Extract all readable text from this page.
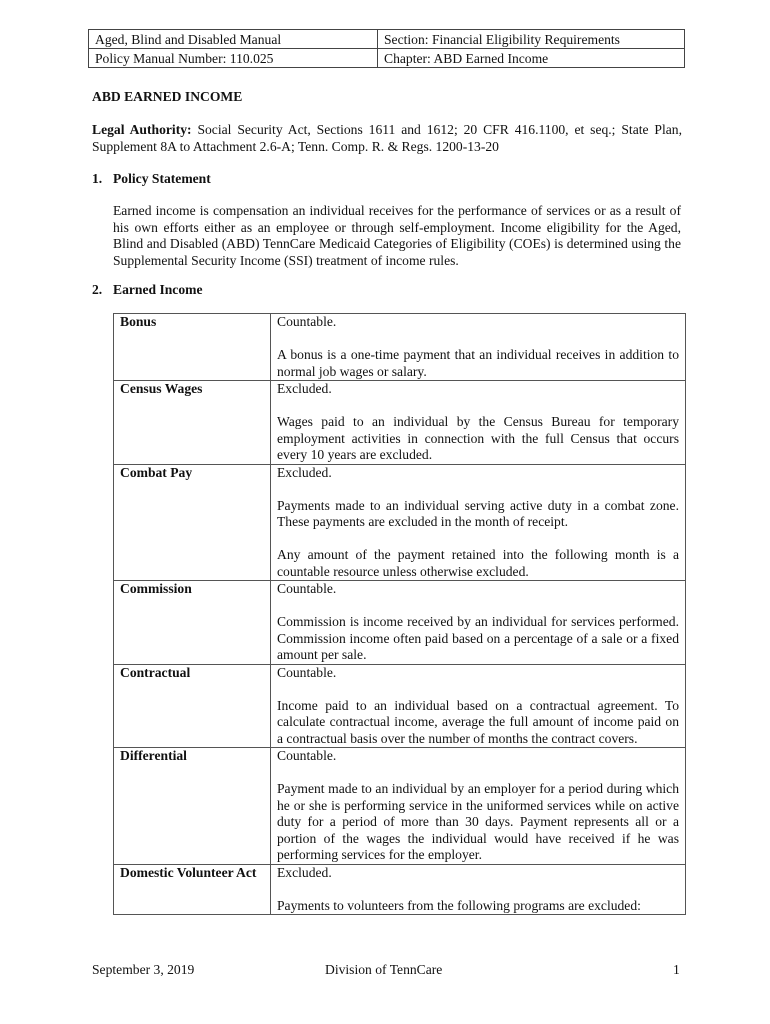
Aged, Blind and Disabled Manual	Section: Financial Eligibility Requirements
Policy Manual Number: 110.025	Chapter: ABD Earned Income
ABD EARNED INCOME
Legal Authority: Social Security Act, Sections 1611 and 1612; 20 CFR 416.1100, et seq.; State Plan, Supplement 8A to Attachment 2.6-A; Tenn. Comp. R. & Regs. 1200-13-20
1. Policy Statement
Earned income is compensation an individual receives for the performance of services or as a result of his own efforts either as an employee or through self-employment. Income eligibility for the Aged, Blind and Disabled (ABD) TennCare Medicaid Categories of Eligibility (COEs) is determined using the Supplemental Security Income (SSI) treatment of income rules.
2. Earned Income
Bonus	Countable.

A bonus is a one-time payment that an individual receives in addition to normal job wages or salary.

Census Wages	Excluded.

Wages paid to an individual by the Census Bureau for temporary employment activities in connection with the full Census that occurs every 10 years are excluded.

Combat Pay	Excluded.

Payments made to an individual serving active duty in a combat zone. These payments are excluded in the month of receipt.

Any amount of the payment retained into the following month is a countable resource unless otherwise excluded.

Commission	Countable.

Commission is income received by an individual for services performed. Commission income often paid based on a percentage of a sale or a fixed amount per sale.

Contractual	Countable.

Income paid to an individual based on a contractual agreement. To calculate contractual income, average the full amount of income paid on a contractual basis over the number of months the contract covers.

Differential	Countable.

Payment made to an individual by an employer for a period during which he or she is performing service in the uniformed services while on active duty for a period of more than 30 days. Payment represents all or a portion of the wages the individual would have received if he was performing services for the employer.

Domestic Volunteer Act	Excluded.

Payments to volunteers from the following programs are excluded:

September 3, 2019	Division of TennCare	1
